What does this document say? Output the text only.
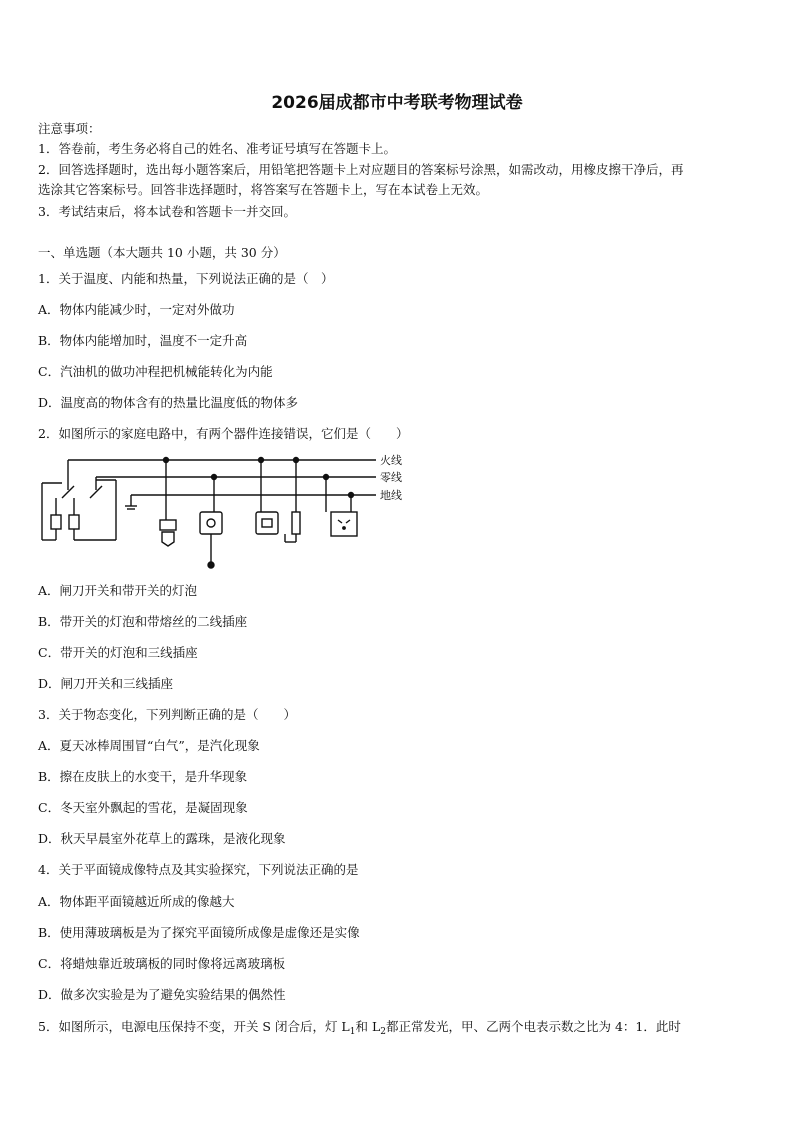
2026届成都市中考联考物理试卷
注意事项：
1．答卷前，考生务必将自己的姓名、准考证号填写在答题卡上。
2．回答选择题时，选出每小题答案后，用铅笔把答题卡上对应题目的答案标号涂黑，如需改动，用橡皮擦干净后，再
选涂其它答案标号。回答非选择题时，将答案写在答题卡上，写在本试卷上无效。
3．考试结束后，将本试卷和答题卡一并交回。
一、单选题（本大题共 10 小题，共 30 分）
1．关于温度、内能和热量，下列说法正确的是（　）
A．物体内能减少时，一定对外做功
B．物体内能增加时，温度不一定升高
C．汽油机的做功冲程把机械能转化为内能
D．温度高的物体含有的热量比温度低的物体多
2．如图所示的家庭电路中，有两个器件连接错误，它们是（　　）
火线
零线
地线
A．闸刀开关和带开关的灯泡
B．带开关的灯泡和带熔丝的二线插座
C．带开关的灯泡和三线插座
D．闸刀开关和三线插座
3．关于物态变化，下列判断正确的是（　　）
A．夏天冰棒周围冒“白气”，是汽化现象
B．擦在皮肤上的水变干，是升华现象
C．冬天室外飘起的雪花，是凝固现象
D．秋天早晨室外花草上的露珠，是液化现象
4．关于平面镜成像特点及其实验探究，下列说法正确的是
A．物体距平面镜越近所成的像越大
B．使用薄玻璃板是为了探究平面镜所成像是虚像还是实像
C．将蜡烛靠近玻璃板的同时像将远离玻璃板
D．做多次实验是为了避免实验结果的偶然性
5．如图所示，电源电压保持不变，开关 S 闭合后，灯 $L_1$和 $L_2$都正常发光，甲、乙两个电表示数之比为 4：1．此时
